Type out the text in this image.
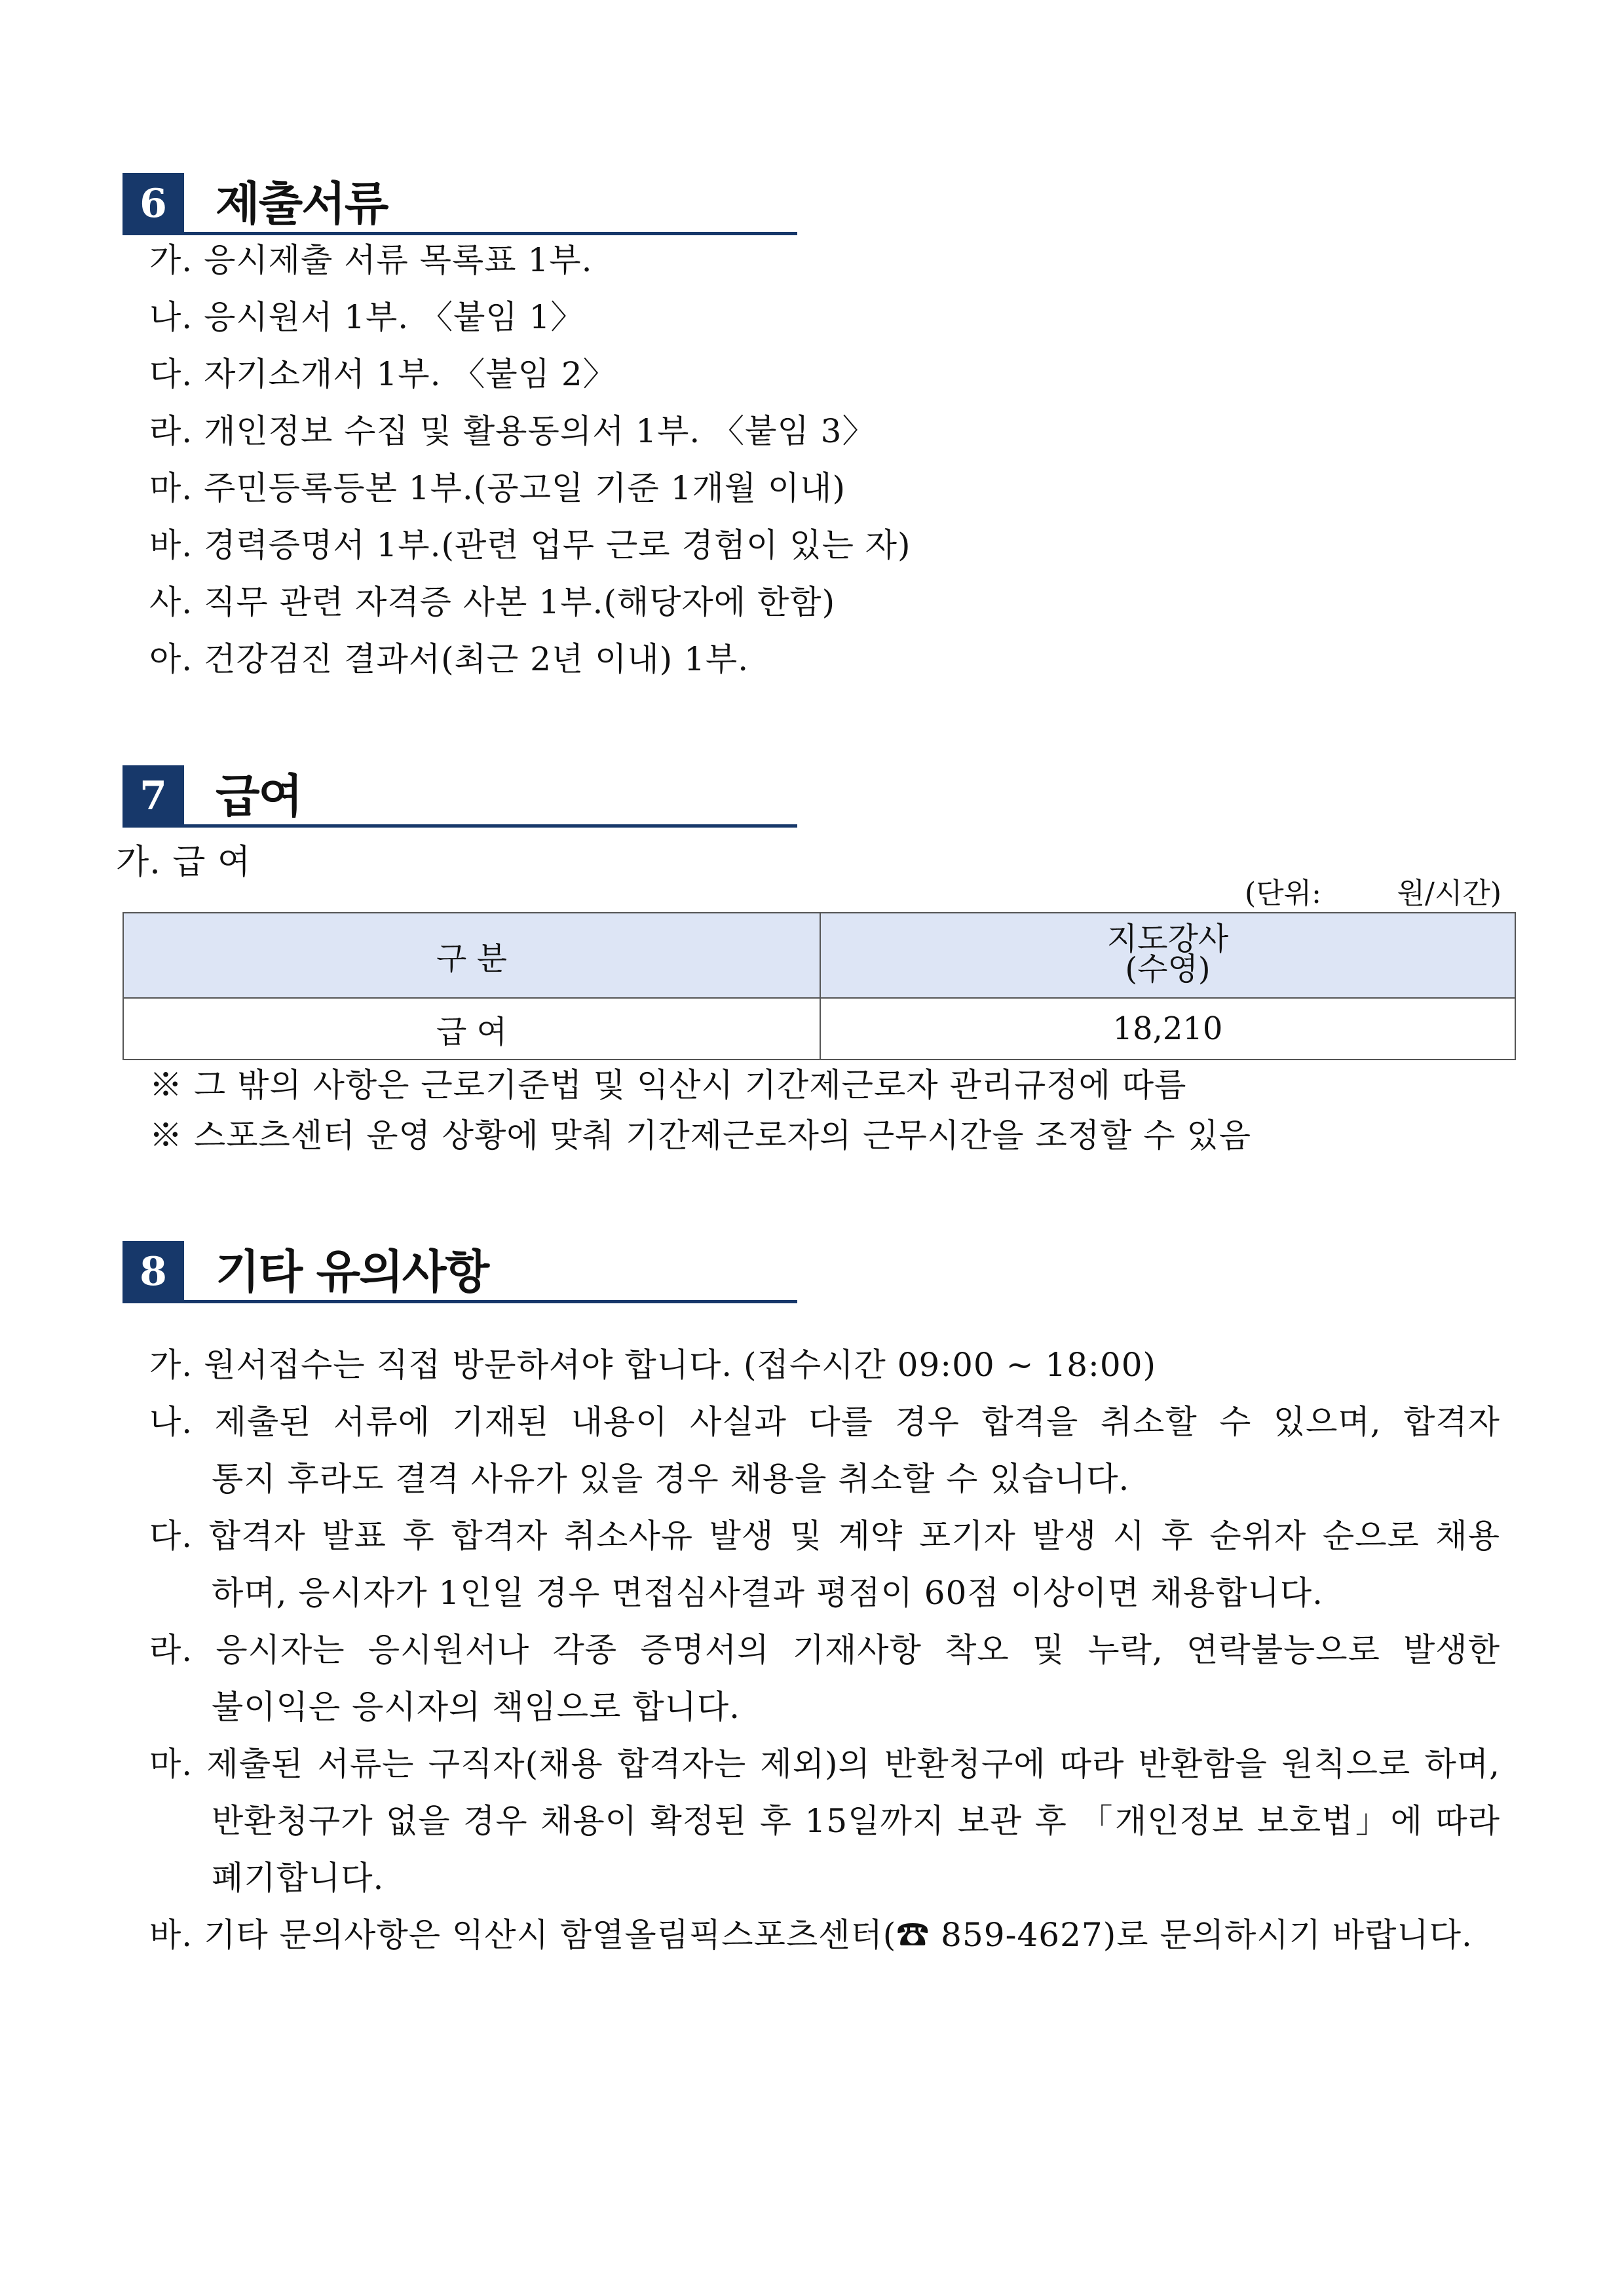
6	제출서류
가. 응시제출 서류 목록표 1부.
나. 응시원서 1부. 〈붙임 1〉
다. 자기소개서 1부. 〈붙임 2〉
라. 개인정보 수집 및 활용동의서 1부. 〈붙임 3〉
마. 주민등록등본 1부.(공고일 기준 1개월 이내)
바. 경력증명서 1부.(관련 업무 근로 경험이 있는 자)
사. 직무 관련 자격증 사본 1부.(해당자에 한함)
아. 건강검진 결과서(최근 2년 이내) 1부.
7	급여
가. 급 여
(단위:	원/시간)
구 분	지도강사
(수영)
급 여	18,210
※ 그 밖의 사항은 근로기준법 및 익산시 기간제근로자 관리규정에 따름
※ 스포츠센터 운영 상황에 맞춰 기간제근로자의 근무시간을 조정할 수 있음
8	기타 유의사항
가. 원서접수는 직접 방문하셔야 합니다. (접수시간 09:00 ~ 18:00)
나. 제출된 서류에 기재된 내용이 사실과 다를 경우 합격을 취소할 수 있으며, 합격자
통지 후라도 결격 사유가 있을 경우 채용을 취소할 수 있습니다.
다. 합격자 발표 후 합격자 취소사유 발생 및 계약 포기자 발생 시 후 순위자 순으로 채용
하며, 응시자가 1인일 경우 면접심사결과 평점이 60점 이상이면 채용합니다.
라. 응시자는 응시원서나 각종 증명서의 기재사항 착오 및 누락, 연락불능으로 발생한
불이익은 응시자의 책임으로 합니다.
마. 제출된 서류는 구직자(채용 합격자는 제외)의 반환청구에 따라 반환함을 원칙으로 하며,
반환청구가 없을 경우 채용이 확정된 후 15일까지 보관 후 「개인정보 보호법」에 따라
폐기합니다.
바. 기타 문의사항은 익산시 함열올림픽스포츠센터(☎ 859-4627)로 문의하시기 바랍니다.
